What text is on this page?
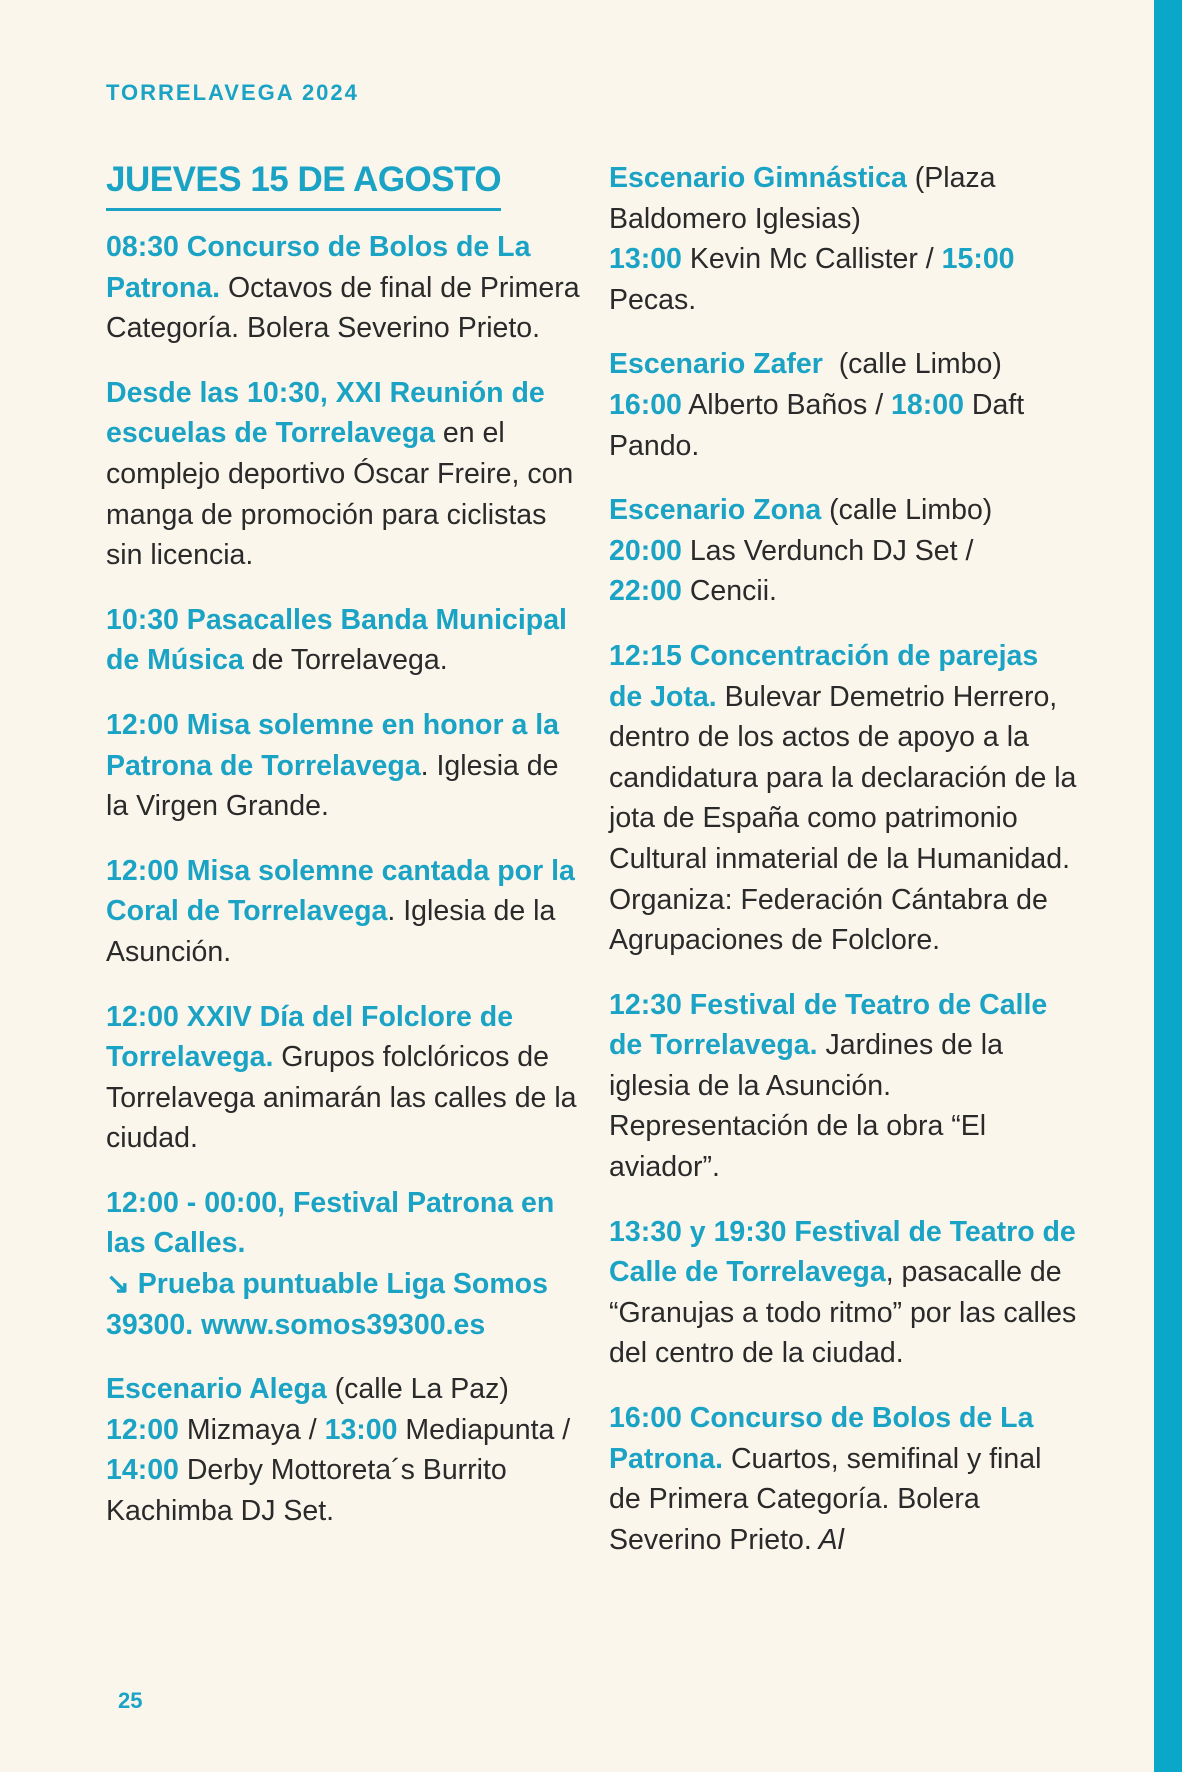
TORRELAVEGA 2024
JUEVES 15 DE AGOSTO
08:30 Concurso de Bolos de La Patrona. Octavos de final de Primera Categoría. Bolera Severino Prieto.
Desde las 10:30, XXI Reunión de escuelas de Torrelavega en el complejo deportivo Óscar Freire, con manga de promoción para ciclistas sin licencia.
10:30 Pasacalles Banda Municipal de Música de Torrelavega.
12:00 Misa solemne en honor a la Patrona de Torrelavega. Iglesia de la Virgen Grande.
12:00 Misa solemne cantada por la Coral de Torrelavega. Iglesia de la Asunción.
12:00 XXIV Día del Folclore de Torrelavega. Grupos folclóricos de Torrelavega animarán las calles de la ciudad.
12:00 - 00:00, Festival Patrona en las Calles.
↘ Prueba puntuable Liga Somos 39300. www.somos39300.es
Escenario Alega (calle La Paz)
12:00 Mizmaya / 13:00 Mediapunta / 14:00 Derby Mottoreta´s Burrito Kachimba DJ Set.
Escenario Gimnástica (Plaza Baldomero Iglesias)
13:00 Kevin Mc Callister / 15:00 Pecas.
Escenario Zafer  (calle Limbo)
16:00 Alberto Baños / 18:00 Daft Pando.
Escenario Zona (calle Limbo)
20:00 Las Verdunch DJ Set /
22:00 Cencii.
12:15 Concentración de parejas de Jota. Bulevar Demetrio Herrero, dentro de los actos de apoyo a la candidatura para la declaración de la jota de España como patrimonio Cultural inmaterial de la Humanidad. Organiza: Federación Cántabra de Agrupaciones de Folclore.
12:30 Festival de Teatro de Calle de Torrelavega. Jardines de la iglesia de la Asunción. Representación de la obra “El aviador”.
13:30 y 19:30 Festival de Teatro de Calle de Torrelavega, pasacalle de “Granujas a todo ritmo” por las calles del centro de la ciudad.
16:00 Concurso de Bolos de La Patrona. Cuartos, semifinal y final de Primera Categoría. Bolera Severino Prieto. Al
25
